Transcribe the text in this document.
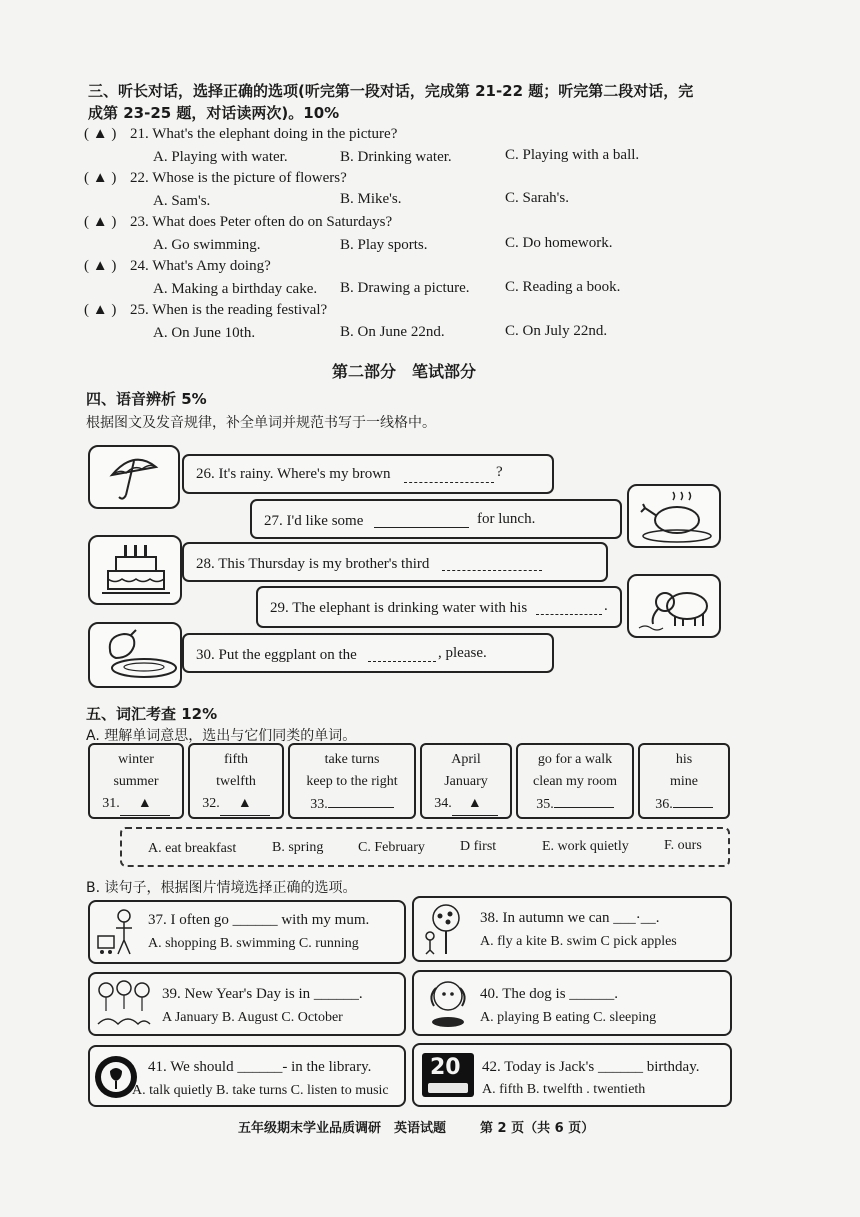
三、听长对话，选择正确的选项(听完第一段对话，完成第 21-22 题；听完第二段对话，完
成第 23-25 题，对话读两次)。10%
( ▲ ) 21. What's the elephant doing in the picture?
A. Playing with water.	B. Drinking water.	C. Playing with a ball.
( ▲ ) 22. Whose is the picture of flowers?
A. Sam's.	B. Mike's.	C. Sarah's.
( ▲ ) 23. What does Peter often do on Saturdays?
A. Go swimming.	B. Play sports.	C. Do homework.
( ▲ ) 24. What's Amy doing?
A. Making a birthday cake. B. Drawing a picture. C. Reading a book.
( ▲ ) 25. When is the reading festival?
A. On June 10th.	B. On June 22nd.	C. On July 22nd.
第二部分　笔试部分
四、语音辨析 5%
根据图文及发音规律，补全单词并规范书写于一线格中。
26. It's rainy. Where's my brown	?
27. I'd like some	for lunch.
28. This Thursday is my brother's third
29. The elephant is drinking water with his	.
30. Put the eggplant on the	, please.
五、词汇考查 12%
A. 理解单词意思，选出与它们同类的单词。
winter
summer
31. ▲
fifth
twelfth
32. ▲
take turns
keep to the right
33.
April
January
34. ▲
go for a walk
clean my room
35.
his
mine
36.
A. eat breakfast	B. spring C. February	D first	E. work quietly	F. ours
B. 读句子，根据图片情境选择正确的选项。
37. I often go ______ with my mum.
A. shopping B. swimming C. running
38. In autumn we can ___·__.
A. fly a kite B. swim C pick apples
39. New Year's Day is in ______.
A January B. August C. October
40. The dog is ______.
A. playing B eating C. sleeping
41. We should ______- in the library.
A. talk quietly B. take turns C. listen to music
20 42. Today is Jack's ______ birthday.
A. fifth B. twelfth . twentieth
五年级期末学业品质调研　英语试题	第 2 页（共 6 页）
